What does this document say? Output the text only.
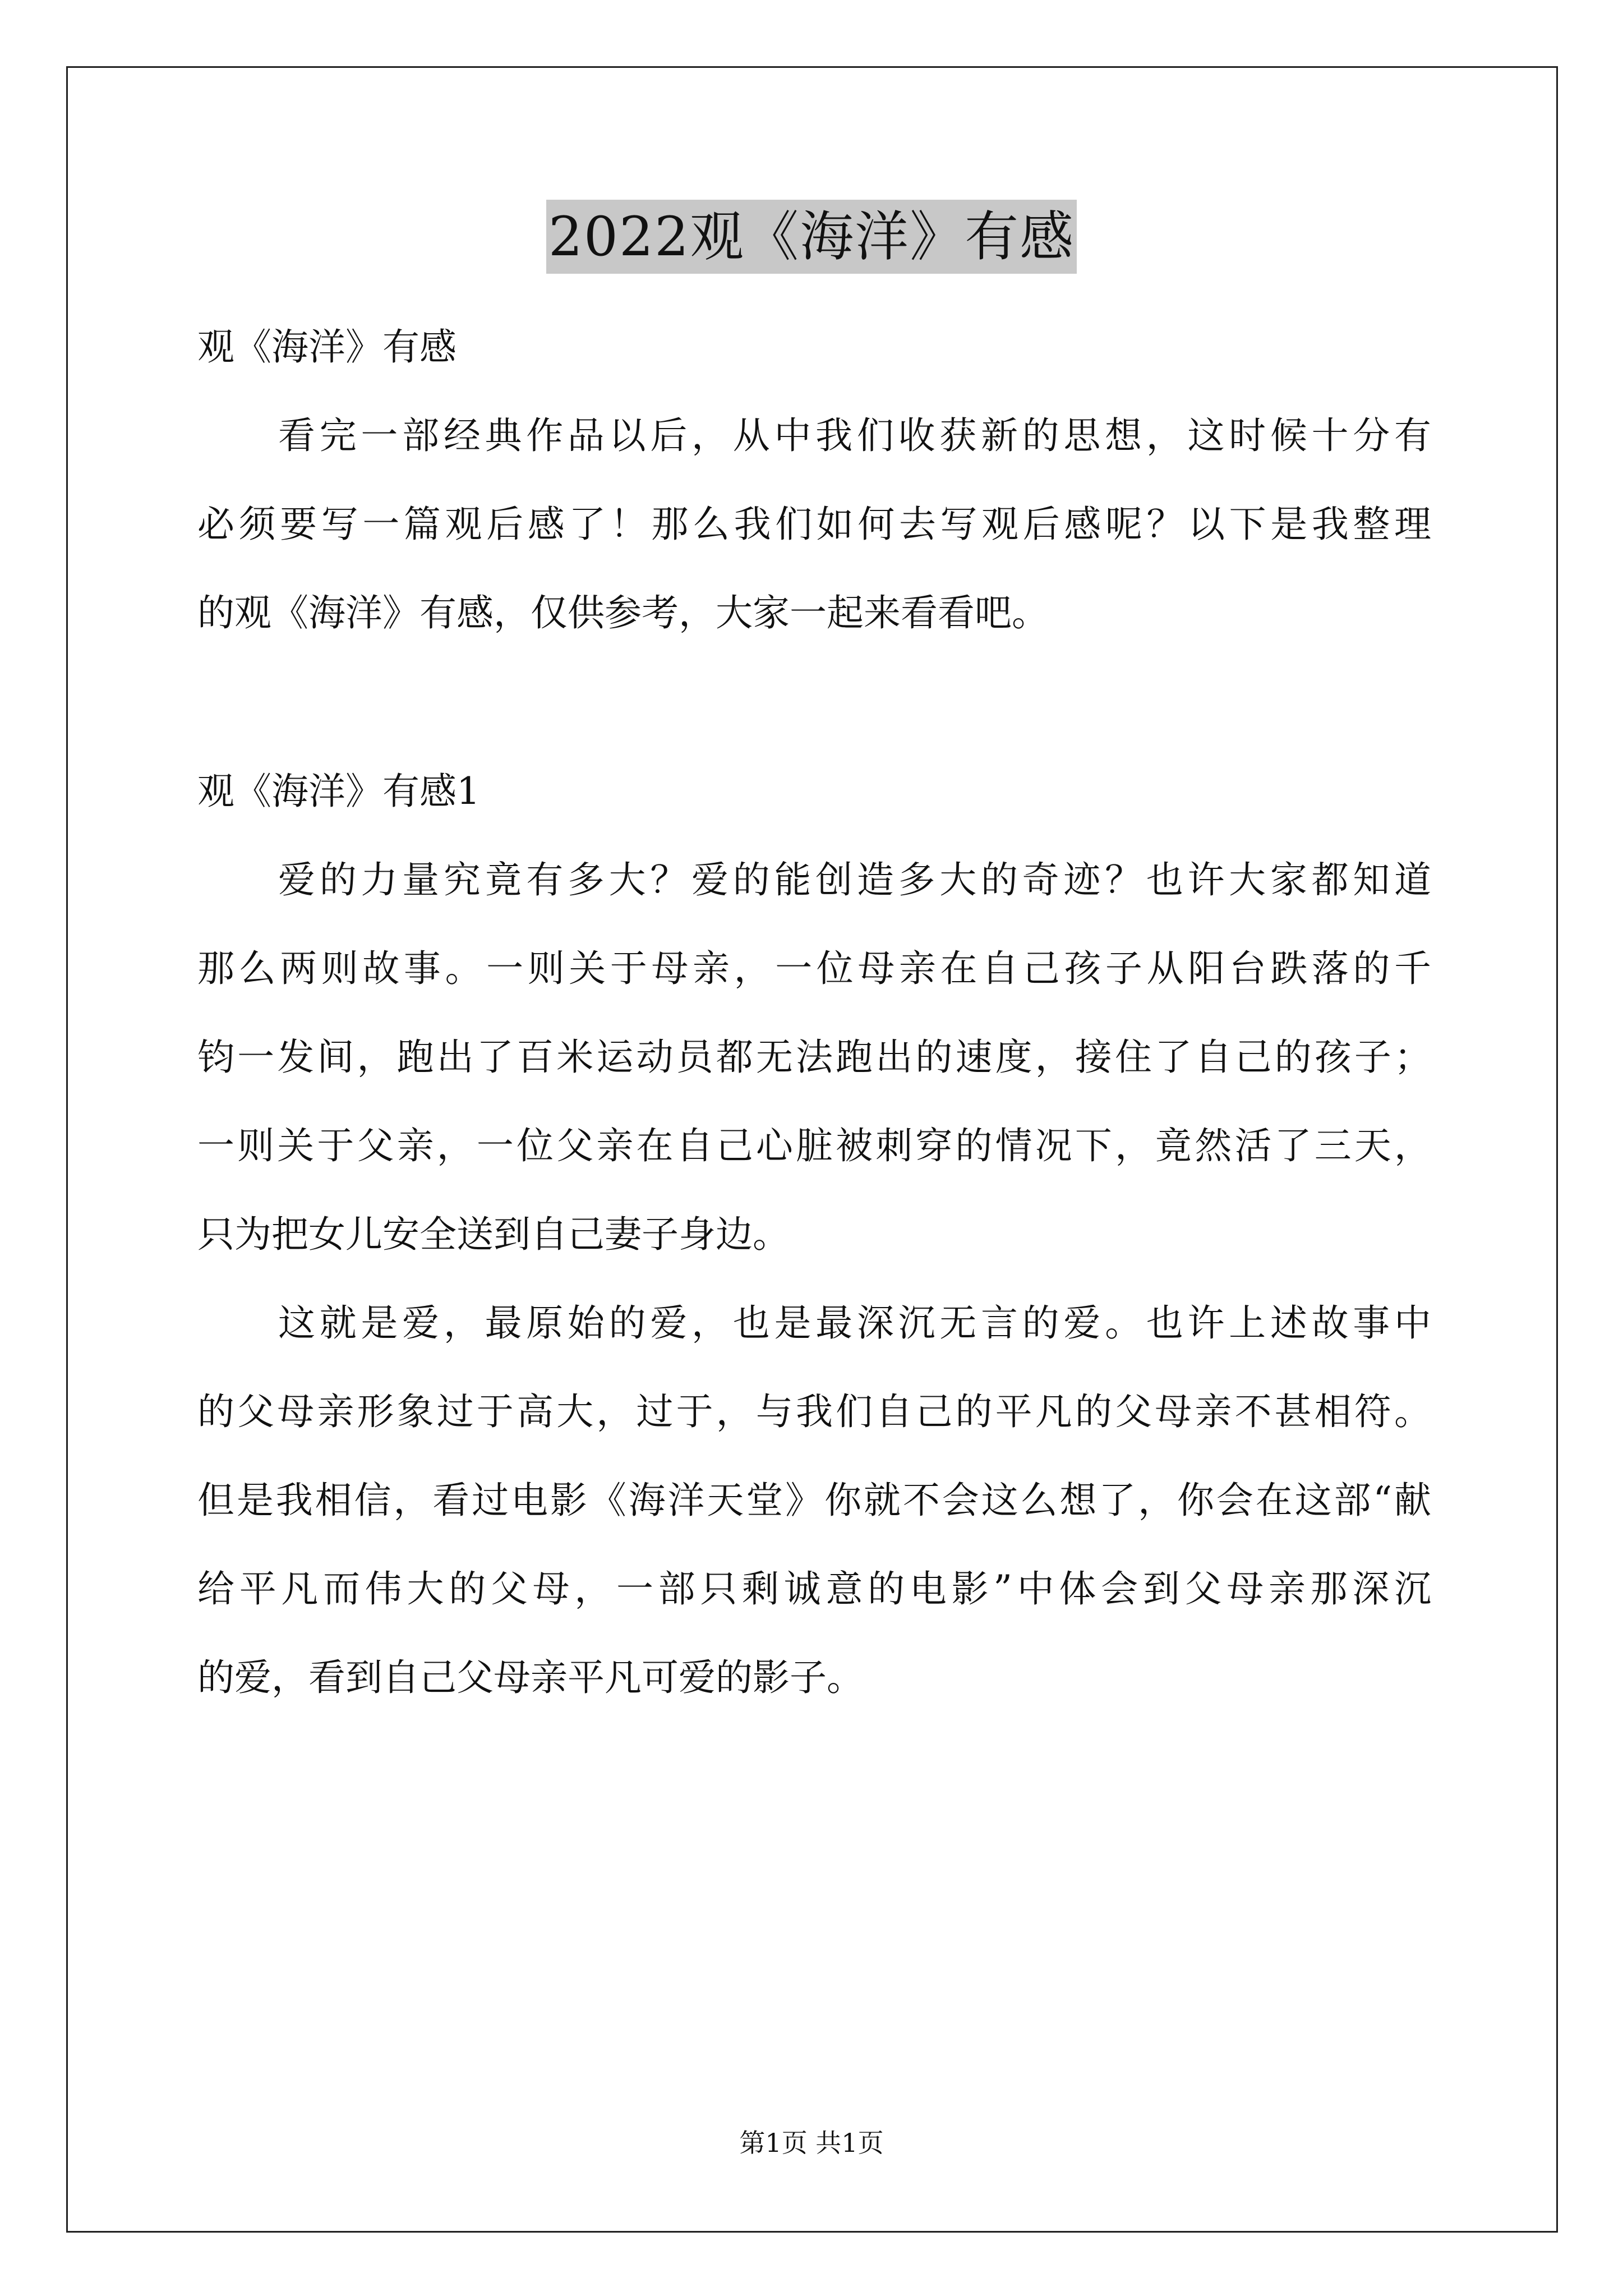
2022观《海洋》有感
观《海洋》有感
看完一部经典作品以后，从中我们收获新的思想，这时候十分有
必须要写一篇观后感了！那么我们如何去写观后感呢？以下是我整理
的观《海洋》有感，仅供参考，大家一起来看看吧。
观《海洋》有感1
爱的力量究竟有多大？爱的能创造多大的奇迹？也许大家都知道
那么两则故事。一则关于母亲，一位母亲在自己孩子从阳台跌落的千
钧一发间，跑出了百米运动员都无法跑出的速度，接住了自己的孩子；
一则关于父亲，一位父亲在自己心脏被刺穿的情况下，竟然活了三天，
只为把女儿安全送到自己妻子身边。
这就是爱，最原始的爱，也是最深沉无言的爱。也许上述故事中
的父母亲形象过于高大，过于，与我们自己的平凡的父母亲不甚相符。
但是我相信，看过电影《海洋天堂》你就不会这么想了，你会在这部“献
给平凡而伟大的父母，一部只剩诚意的电影”中体会到父母亲那深沉
的爱，看到自己父母亲平凡可爱的影子。
第1页 共1页
